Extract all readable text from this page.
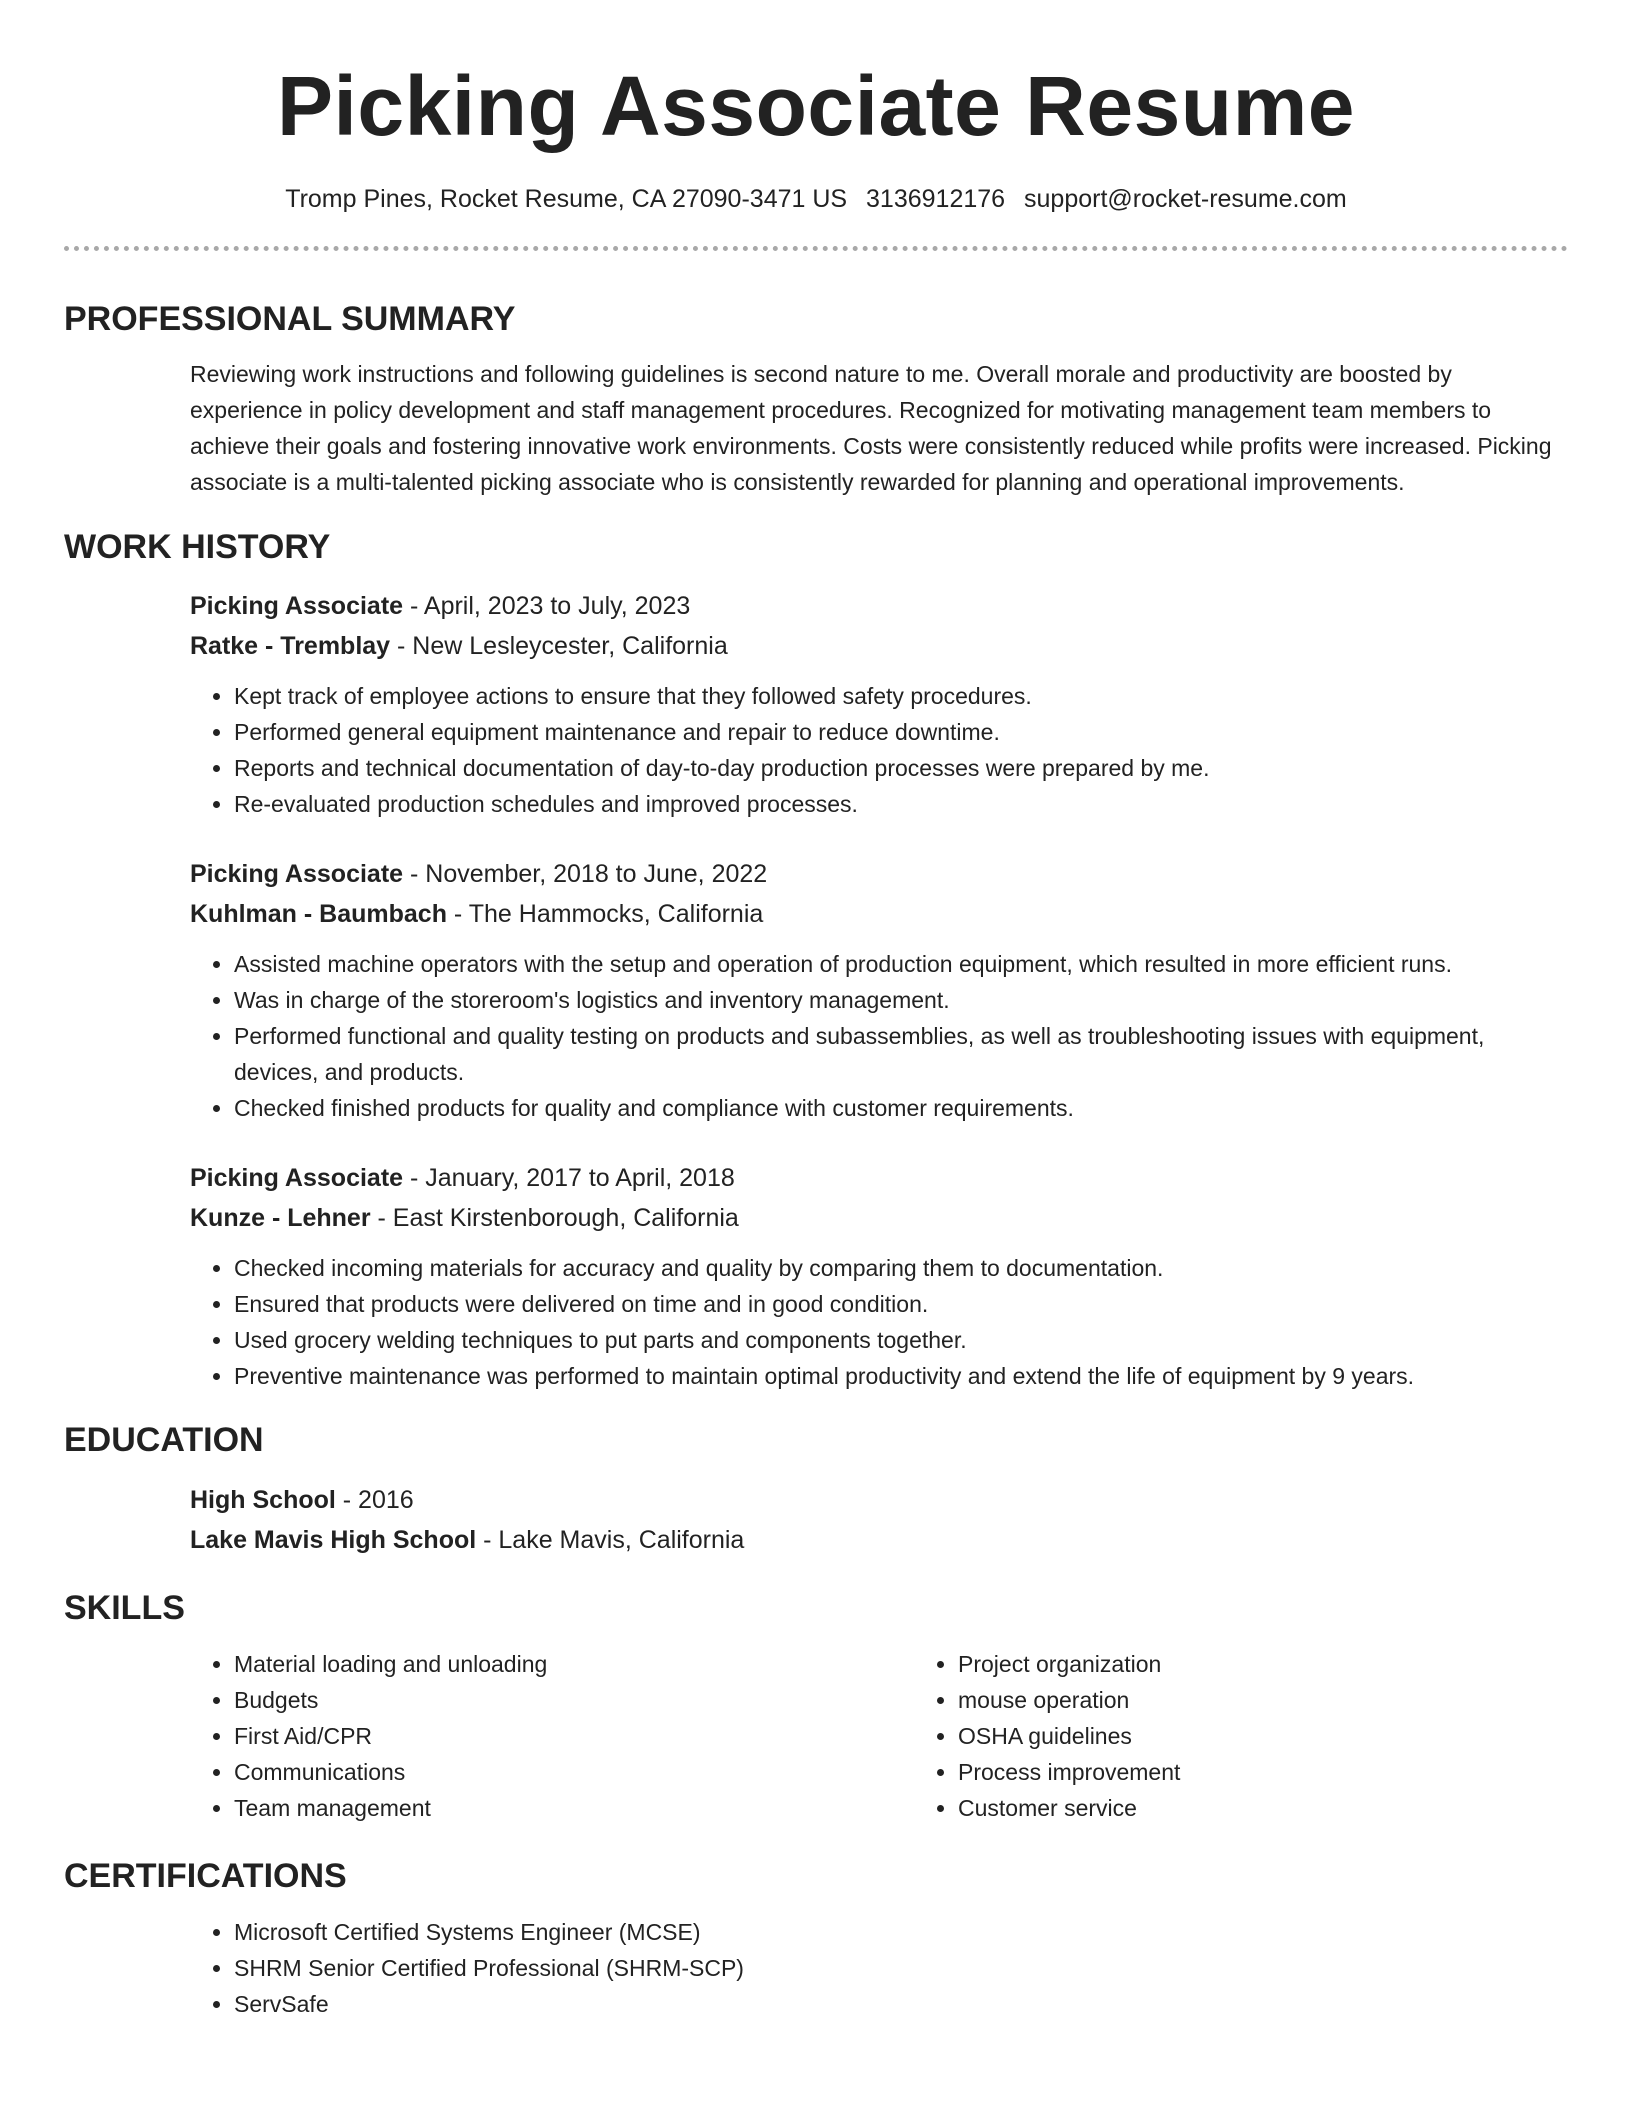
Picking Associate Resume
Tromp Pines, Rocket Resume, CA 27090-3471 US 3136912176 support@rocket-resume.com
PROFESSIONAL SUMMARY

Reviewing work instructions and following guidelines is second nature to me. Overall morale and productivity are boosted by experience in policy development and staff management procedures. Recognized for motivating management team members to achieve their goals and fostering innovative work environments. Costs were consistently reduced while profits were increased. Picking associate is a multi-talented picking associate who is consistently rewarded for planning and operational improvements.

WORK HISTORY
Picking Associate - April, 2023 to July, 2023
Ratke - Tremblay - New Lesleycester, California
• Kept track of employee actions to ensure that they followed safety procedures.
• Performed general equipment maintenance and repair to reduce downtime.
• Reports and technical documentation of day-to-day production processes were prepared by me.
• Re-evaluated production schedules and improved processes.
Picking Associate - November, 2018 to June, 2022
Kuhlman - Baumbach - The Hammocks, California
• Assisted machine operators with the setup and operation of production equipment, which resulted in more efficient runs.
• Was in charge of the storeroom's logistics and inventory management.
• Performed functional and quality testing on products and subassemblies, as well as troubleshooting issues with equipment, devices, and products.
• Checked finished products for quality and compliance with customer requirements.
Picking Associate - January, 2017 to April, 2018
Kunze - Lehner - East Kirstenborough, California
• Checked incoming materials for accuracy and quality by comparing them to documentation.
• Ensured that products were delivered on time and in good condition.
• Used grocery welding techniques to put parts and components together.
• Preventive maintenance was performed to maintain optimal productivity and extend the life of equipment by 9 years.
EDUCATION
High School - 2016
Lake Mavis High School - Lake Mavis, California
SKILLS
• Material loading and unloading
• Budgets
• First Aid/CPR
• Communications
• Team management
• Project organization
• mouse operation
• OSHA guidelines
• Process improvement
• Customer service
CERTIFICATIONS
• Microsoft Certified Systems Engineer (MCSE)
• SHRM Senior Certified Professional (SHRM-SCP)
• ServSafe
